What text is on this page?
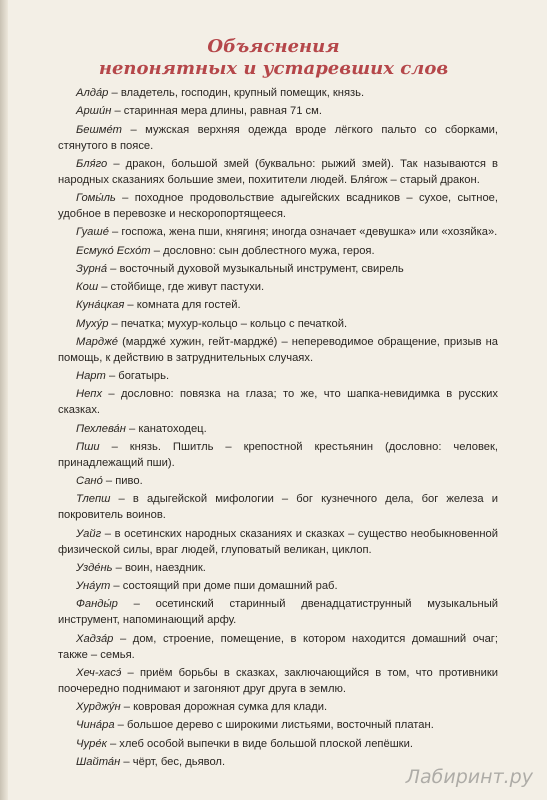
Объяснения
непонятных и устаревших слов

Алда́р – владетель, господин, крупный помещик, князь.

Арши́н – старинная мера длины, равная 71 см.

Бешме́т – мужская верхняя одежда вроде лёгкого пальто со сборками, стянутого в поясе.

Бля́го – дракон, большой змей (буквально: рыжий змей). Так называются в народных сказаниях большие змеи, похитители людей. Бля́гож – старый дракон.

Гомы́ль – походное продовольствие адыгейских всадников – сухое, сытное, удобное в перевозке и нескоропортящееся.

Гуаше́ – госпожа, жена пши, княгиня; иногда означает «девушка» или «хозяйка».

Есмуко́ Есхо́т – дословно: сын доблестного мужа, героя.

Зурна́ – восточный духовой музыкальный инструмент, свирель

Кош – стойбище, где живут пастухи.

Куна́цкая – комната для гостей.

Мухýр – печатка; мухур-кольцо – кольцо с печаткой.

Марджé (марджé хужин, гейт-марджé) – непереводимое обращение, призыв на помощь, к действию в затруднительных случаях.

Нарт – богатырь.

Непх – дословно: повязка на глаза; то же, что шапка-невидимка в русских сказках.

Пехлева́н – канатоходец.

Пши – князь. Пшитль – крепостной крестьянин (дословно: человек, принадлежащий пши).

Сано́ – пиво.

Тлепш – в адыгейской мифологии – бог кузнечного дела, бог железа и покровитель воинов.

Уайг – в осетинских народных сказаниях и сказках – существо необыкновенной физической силы, враг людей, глуповатый великан, циклоп.

Узде́нь – воин, наездник.

Уна́ут – состоящий при доме пши домашний раб.

Фанды́р – осетинский старинный двенадцатиструнный музыкальный инструмент, напоминающий арфу.

Хадза́р – дом, строение, помещение, в котором находится домашний очаг; также – семья.

Хеч-хасэ́ – приём борьбы в сказках, заключающийся в том, что противники поочередно поднимают и загоняют друг друга в землю.

Хурджýн – ковровая дорожная сумка для клади.

Чина́ра – большое дерево с широкими листьями, восточный платан.

Чуре́к – хлеб особой выпечки в виде большой плоской лепёшки.

Шайта́н – чёрт, бес, дьявол.

Лабиринт.ру
